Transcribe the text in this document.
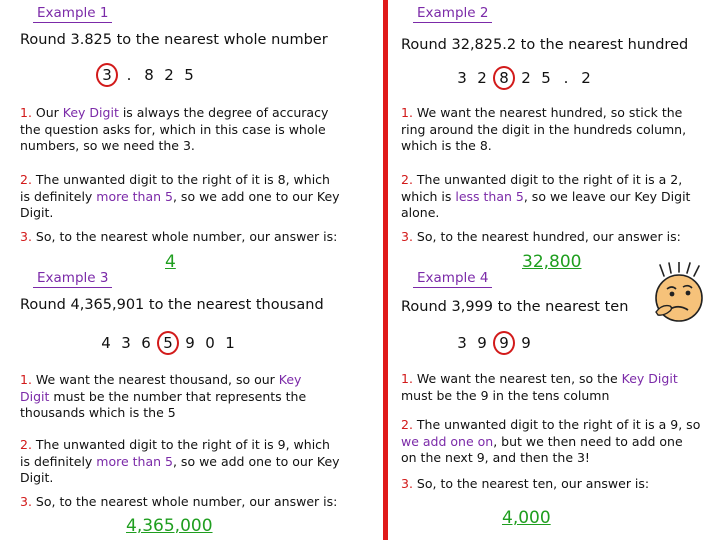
Example 1
Round 3.825 to the nearest whole number
3 . 8 2 5
1. Our Key Digit is always the degree of accuracy the question asks for, which in this case is whole numbers, so we need the 3.
2. The unwanted digit to the right of it is 8, which is definitely more than 5, so we add one to our Key Digit.
3. So, to the nearest whole number, our answer is:
4
Example 2
Round 32,825.2 to the nearest hundred
3 2 8 2 5 . 2
1. We want the nearest hundred, so stick the ring around the digit in the hundreds column, which is the 8.
2. The unwanted digit to the right of it is a 2, which is less than 5, so we leave our Key Digit alone.
3. So, to the nearest hundred, our answer is:
32,800
Example 3
Round 4,365,901 to the nearest thousand
4 3 6 5 9 0 1
1. We want the nearest thousand, so our Key Digit must be the number that represents the thousands which is the 5
2. The unwanted digit to the right of it is 9, which is definitely more than 5, so we add one to our Key Digit.
3. So, to the nearest whole number, our answer is:
4,365,000
Example 4
Round 3,999 to the nearest ten
3 9 9 9
1. We want the nearest ten, so the Key Digit must be the 9 in the tens column
2. The unwanted digit to the right of it is a 9, so we add one on, but we then need to add one on the next 9, and then the 3!
3. So, to the nearest ten, our answer is:
4,000
